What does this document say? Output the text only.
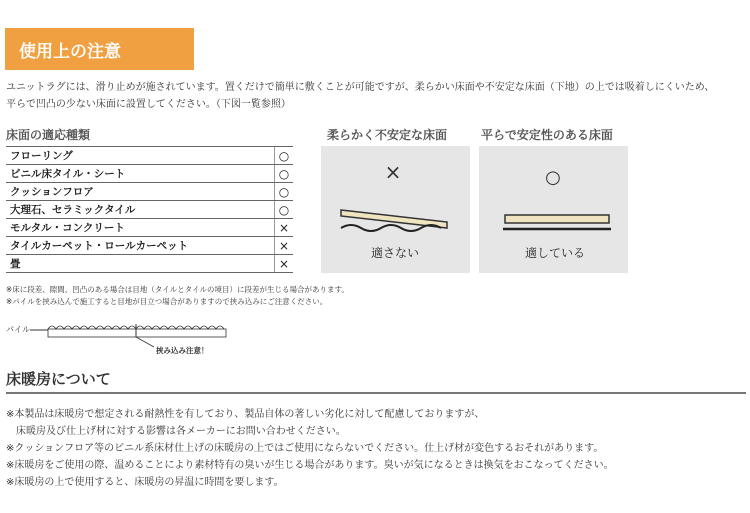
使用上の注意
ユニットラグには、滑り止めが施されています。置くだけで簡単に敷くことが可能ですが、柔らかい床面や不安定な床面（下地）の上では吸着しにくいため、
平らで凹凸の少ない床面に設置してください。（下図一覧参照）
床面の適応種類
フローリング	○
ビニル床タイル・シート	○
クッションフロア	○
大理石、セラミックタイル	○
モルタル・コンクリート	×
タイルカーペット・ロールカーペット	×
畳	×
柔らかく不安定な床面
×
適さない
平らで安定性のある床面
○
適している
※床に段差、隙間、凹凸のある場合は目地（タイルとタイルの境目）に段差が生じる場合があります。
※パイルを挟み込んで施工すると目地が目立つ場合がありますので挟み込みにご注意ください。
パイル
挟み込み注意！
床暖房について
※本製品は床暖房で想定される耐熱性を有しており、製品自体の著しい劣化に対して配慮しておりますが、
床暖房及び仕上げ材に対する影響は各メーカーにお問い合わせください。
※クッションフロア等のビニル系床材仕上げの床暖房の上ではご使用にならないでください。仕上げ材が変色するおそれがあります。
※床暖房をご使用の際、温めることにより素材特有の臭いが生じる場合があります。臭いが気になるときは換気をおこなってください。
※床暖房の上で使用すると、床暖房の昇温に時間を要します。
